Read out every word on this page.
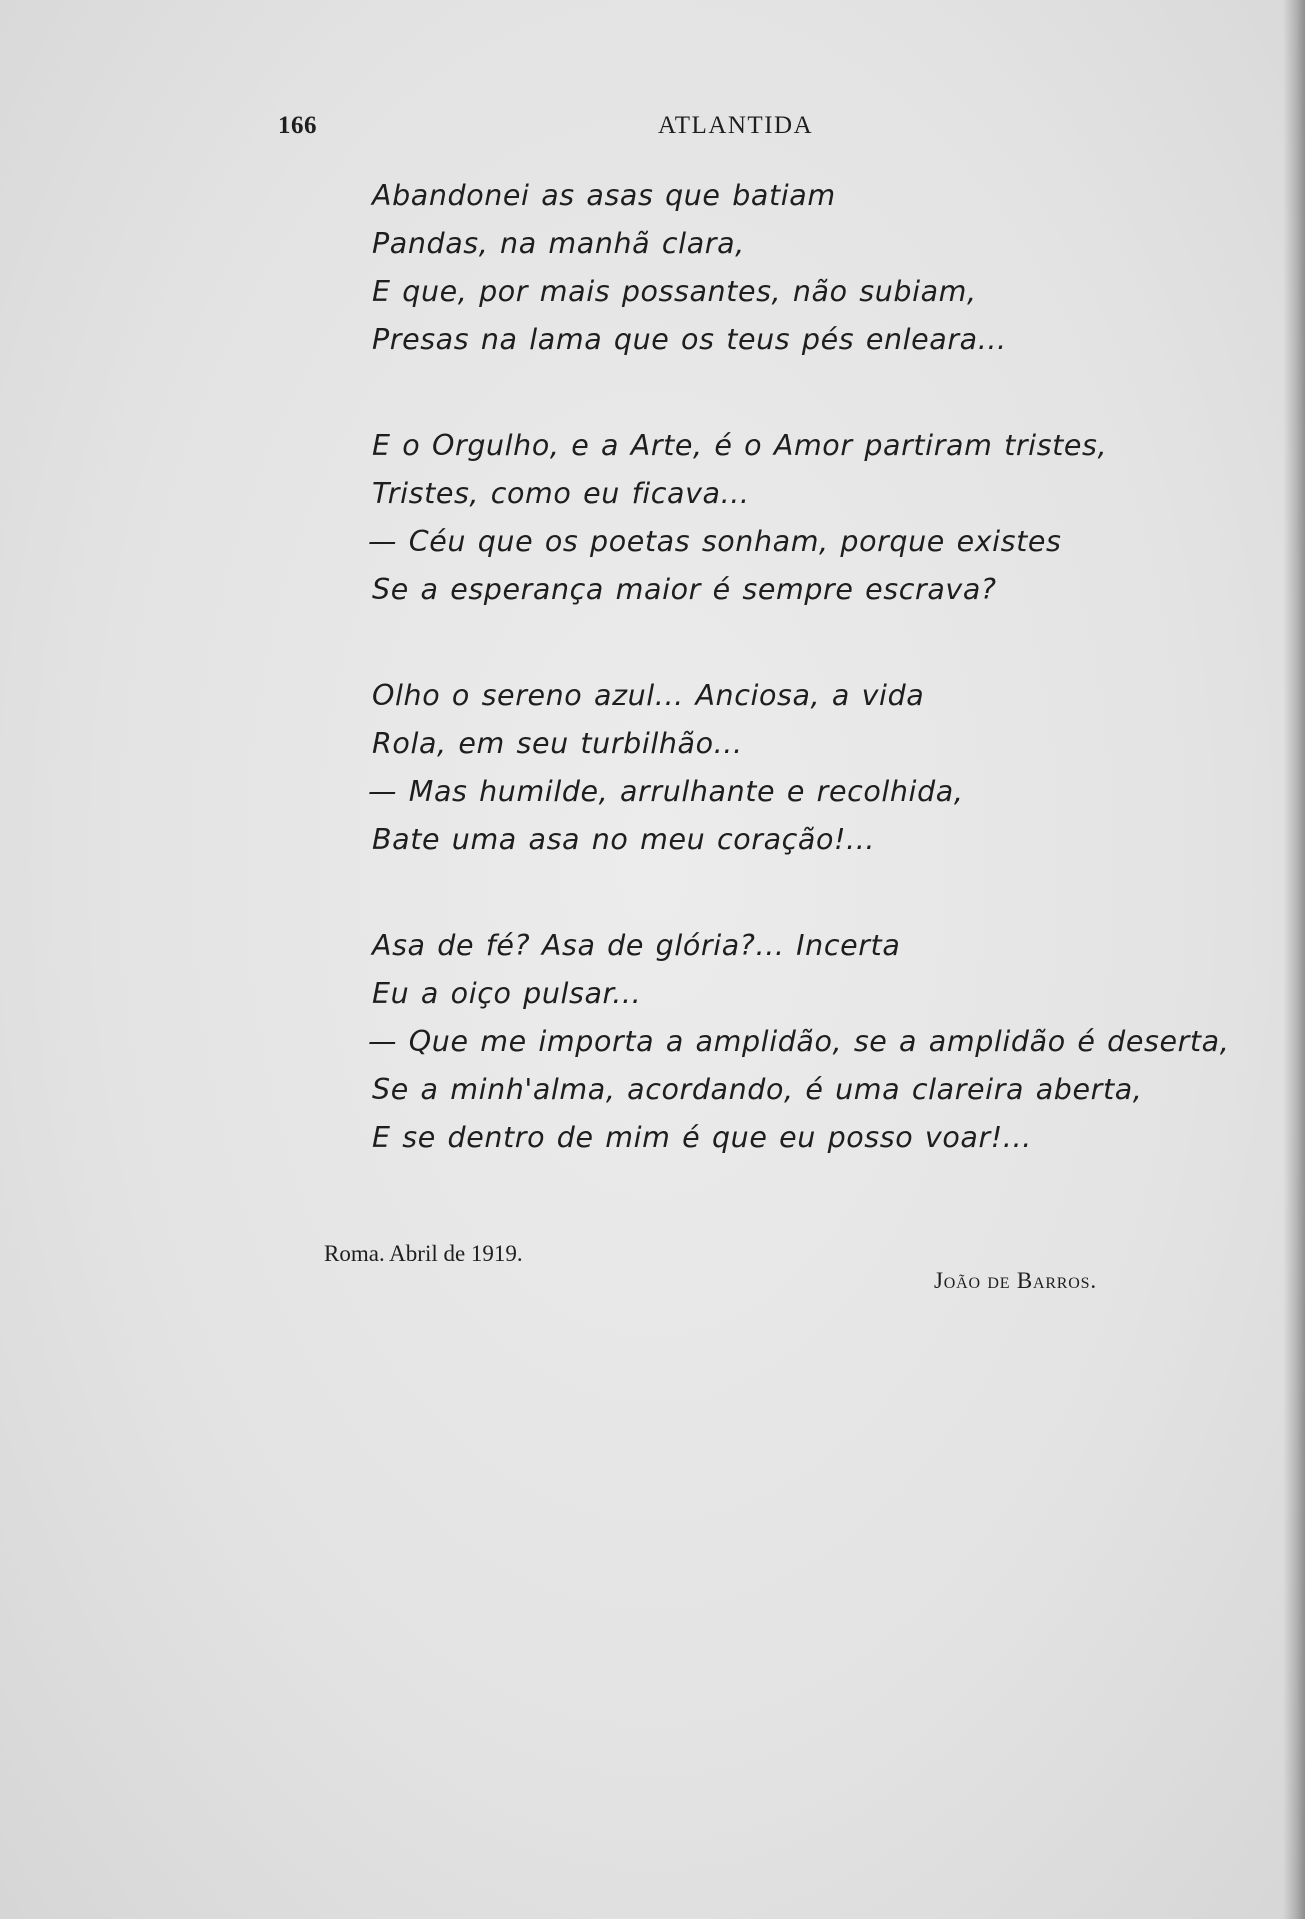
166	ATLANTIDA
Abandonei as asas que batiam
Pandas, na manhã clara,
E que, por mais possantes, não subiam,
Presas na lama que os teus pés enleara...
E o Orgulho, e a Arte, é o Amor partiram tristes,
Tristes, como eu ficava...
— Céu que os poetas sonham, porque existes
Se a esperança maior é sempre escrava?
Olho o sereno azul... Anciosa, a vida
Rola, em seu turbilhão...
— Mas humilde, arrulhante e recolhida,
Bate uma asa no meu coração!...
Asa de fé? Asa de glória?... Incerta
Eu a oiço pulsar...
— Que me importa a amplidão, se a amplidão é deserta,
Se a minh'alma, acordando, é uma clareira aberta,
E se dentro de mim é que eu posso voar!...
Roma. Abril de 1919.
João de Barros.
